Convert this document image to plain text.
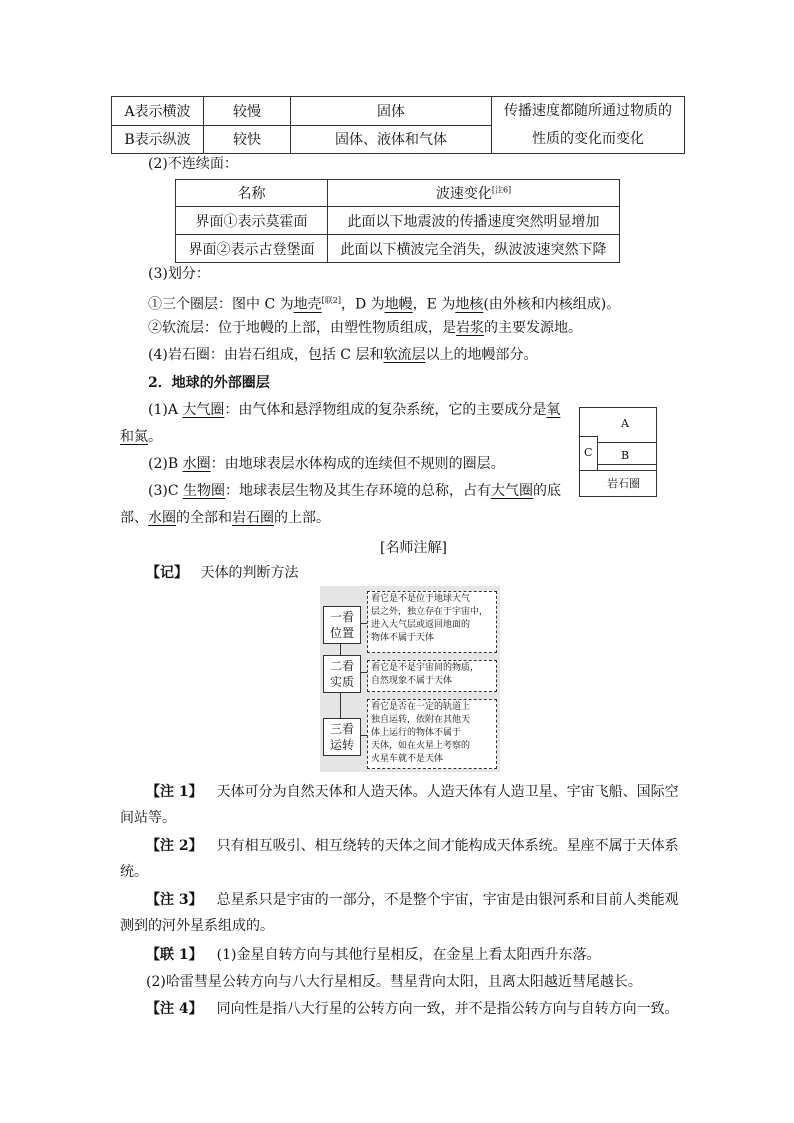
A表示横波	较慢	固体	传播速度都随所通过物质的性质的变化而变化
B表示纵波	较快	固体、液体和气体	
(2)不连续面：
名称	波速变化[注6]
界面①表示莫霍面	此面以下地震波的传播速度突然明显增加
界面②表示古登堡面	此面以下横波完全消失，纵波波速突然下降
(3)划分：
①三个圈层：图中 C 为地壳[联2]，D 为地幔，E 为地核(由外核和内核组成)。
②软流层：位于地幔的上部，由塑性物质组成，是岩浆的主要发源地。
(4)岩石圈：由岩石组成，包括 C 层和软流层以上的地幔部分。
2．地球的外部圈层
(1)A 大气圈：由气体和悬浮物组成的复杂系统，它的主要成分是氧
和氮。
(2)B 水圈：由地球表层水体构成的连续但不规则的圈层。
(3)C 生物圈：地球表层生物及其生存环境的总称，占有大气圈的底
部、水圈的全部和岩石圈的上部。
A
B
C
岩石圈
[名师注解]
【记】 天体的判断方法
一看
位置
看它是不是位于地球大气
层之外，独立存在于宇宙中，
进入大气层或返回地面的
物体不属于天体
二看
实质
看它是不是宇宙间的物质，
自然现象不属于天体
三看
运转
看它是否在一定的轨道上
独自运转，依附在其他天
体上运行的物体不属于
天体，如在火星上考察的
火星车就不是天体
【注 1】 天体可分为自然天体和人造天体。人造天体有人造卫星、宇宙飞船、国际空
间站等。
【注 2】 只有相互吸引、相互绕转的天体之间才能构成天体系统。星座不属于天体系
统。
【注 3】 总星系只是宇宙的一部分，不是整个宇宙，宇宙是由银河系和目前人类能观
测到的河外星系组成的。
【联 1】 (1)金星自转方向与其他行星相反，在金星上看太阳西升东落。
(2)哈雷彗星公转方向与八大行星相反。彗星背向太阳，且离太阳越近彗尾越长。
【注 4】 同向性是指八大行星的公转方向一致，并不是指公转方向与自转方向一致。
